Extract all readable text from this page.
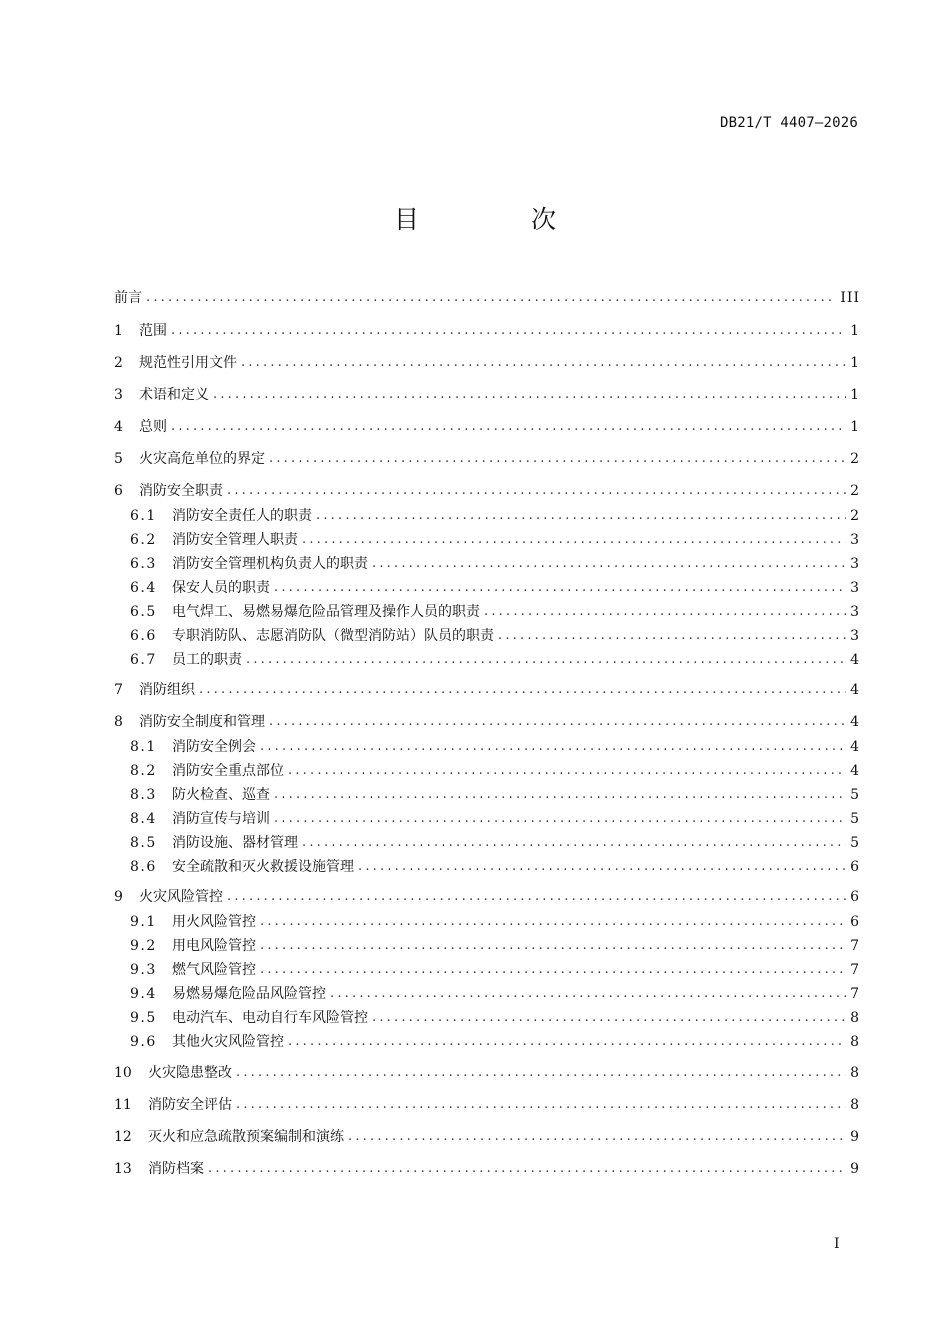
DB21/T 4407—2026
目 次
前言 .....	III
1	范围 .....	1
2	规范性引用文件 .....	1
3	术语和定义 .....	1
4	总则 .....	1
5	火灾高危单位的界定 .....	2
6	消防安全职责 .....	2
6.1	消防安全责任人的职责 .....	2
6.2	消防安全管理人职责 .....	3
6.3	消防安全管理机构负责人的职责 .....	3
6.4	保安人员的职责 .....	3
6.5	电气焊工、易燃易爆危险品管理及操作人员的职责 .....	3
6.6	专职消防队、志愿消防队（微型消防站）队员的职责 .....	3
6.7	员工的职责 .....	4
7	消防组织 .....	4
8	消防安全制度和管理 .....	4
8.1	消防安全例会 .....	4
8.2	消防安全重点部位 .....	4
8.3	防火检查、巡查 .....	5
8.4	消防宣传与培训 .....	5
8.5	消防设施、器材管理 .....	5
8.6	安全疏散和灭火救援设施管理 .....	6
9	火灾风险管控 .....	6
9.1	用火风险管控 .....	6
9.2	用电风险管控 .....	7
9.3	燃气风险管控 .....	7
9.4	易燃易爆危险品风险管控 .....	7
9.5	电动汽车、电动自行车风险管控 .....	8
9.6	其他火灾风险管控 .....	8
10	火灾隐患整改 .....	8
11	消防安全评估 .....	8
12	灭火和应急疏散预案编制和演练 .....	9
13	消防档案 .....	9
I
